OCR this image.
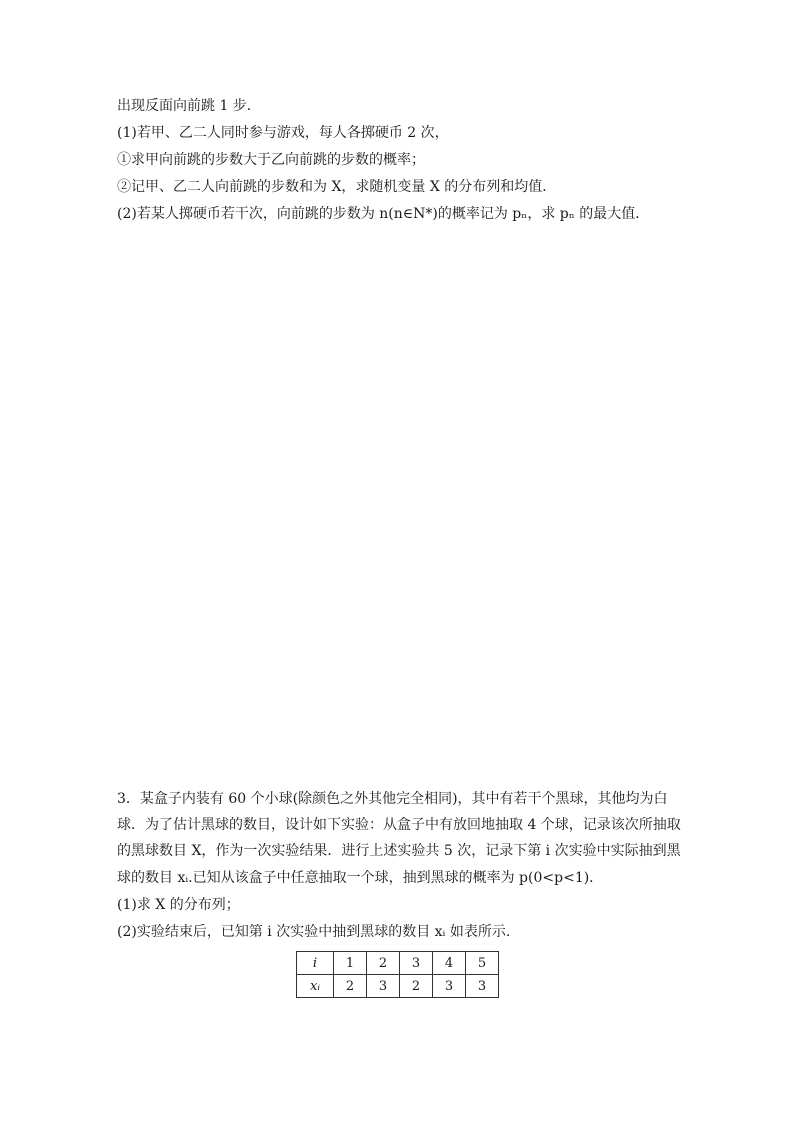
出现反面向前跳 1 步．
(1)若甲、乙二人同时参与游戏，每人各掷硬币 2 次，
①求甲向前跳的步数大于乙向前跳的步数的概率；
②记甲、乙二人向前跳的步数和为 X，求随机变量 X 的分布列和均值．
(2)若某人掷硬币若干次，向前跳的步数为 n(n∈N*)的概率记为 pₙ，求 pₙ 的最大值．
3．某盒子内装有 60 个小球(除颜色之外其他完全相同)，其中有若干个黑球，其他均为白
球．为了估计黑球的数目，设计如下实验：从盒子中有放回地抽取 4 个球，记录该次所抽取
的黑球数目 X，作为一次实验结果．进行上述实验共 5 次，记录下第 i 次实验中实际抽到黑
球的数目 xᵢ.已知从该盒子中任意抽取一个球，抽到黑球的概率为 p(0<p<1)．
(1)求 X 的分布列；
(2)实验结束后，已知第 i 次实验中抽到黑球的数目 xᵢ 如表所示.
i	1	2	3	4	5
xᵢ	2	3	2	3	3
